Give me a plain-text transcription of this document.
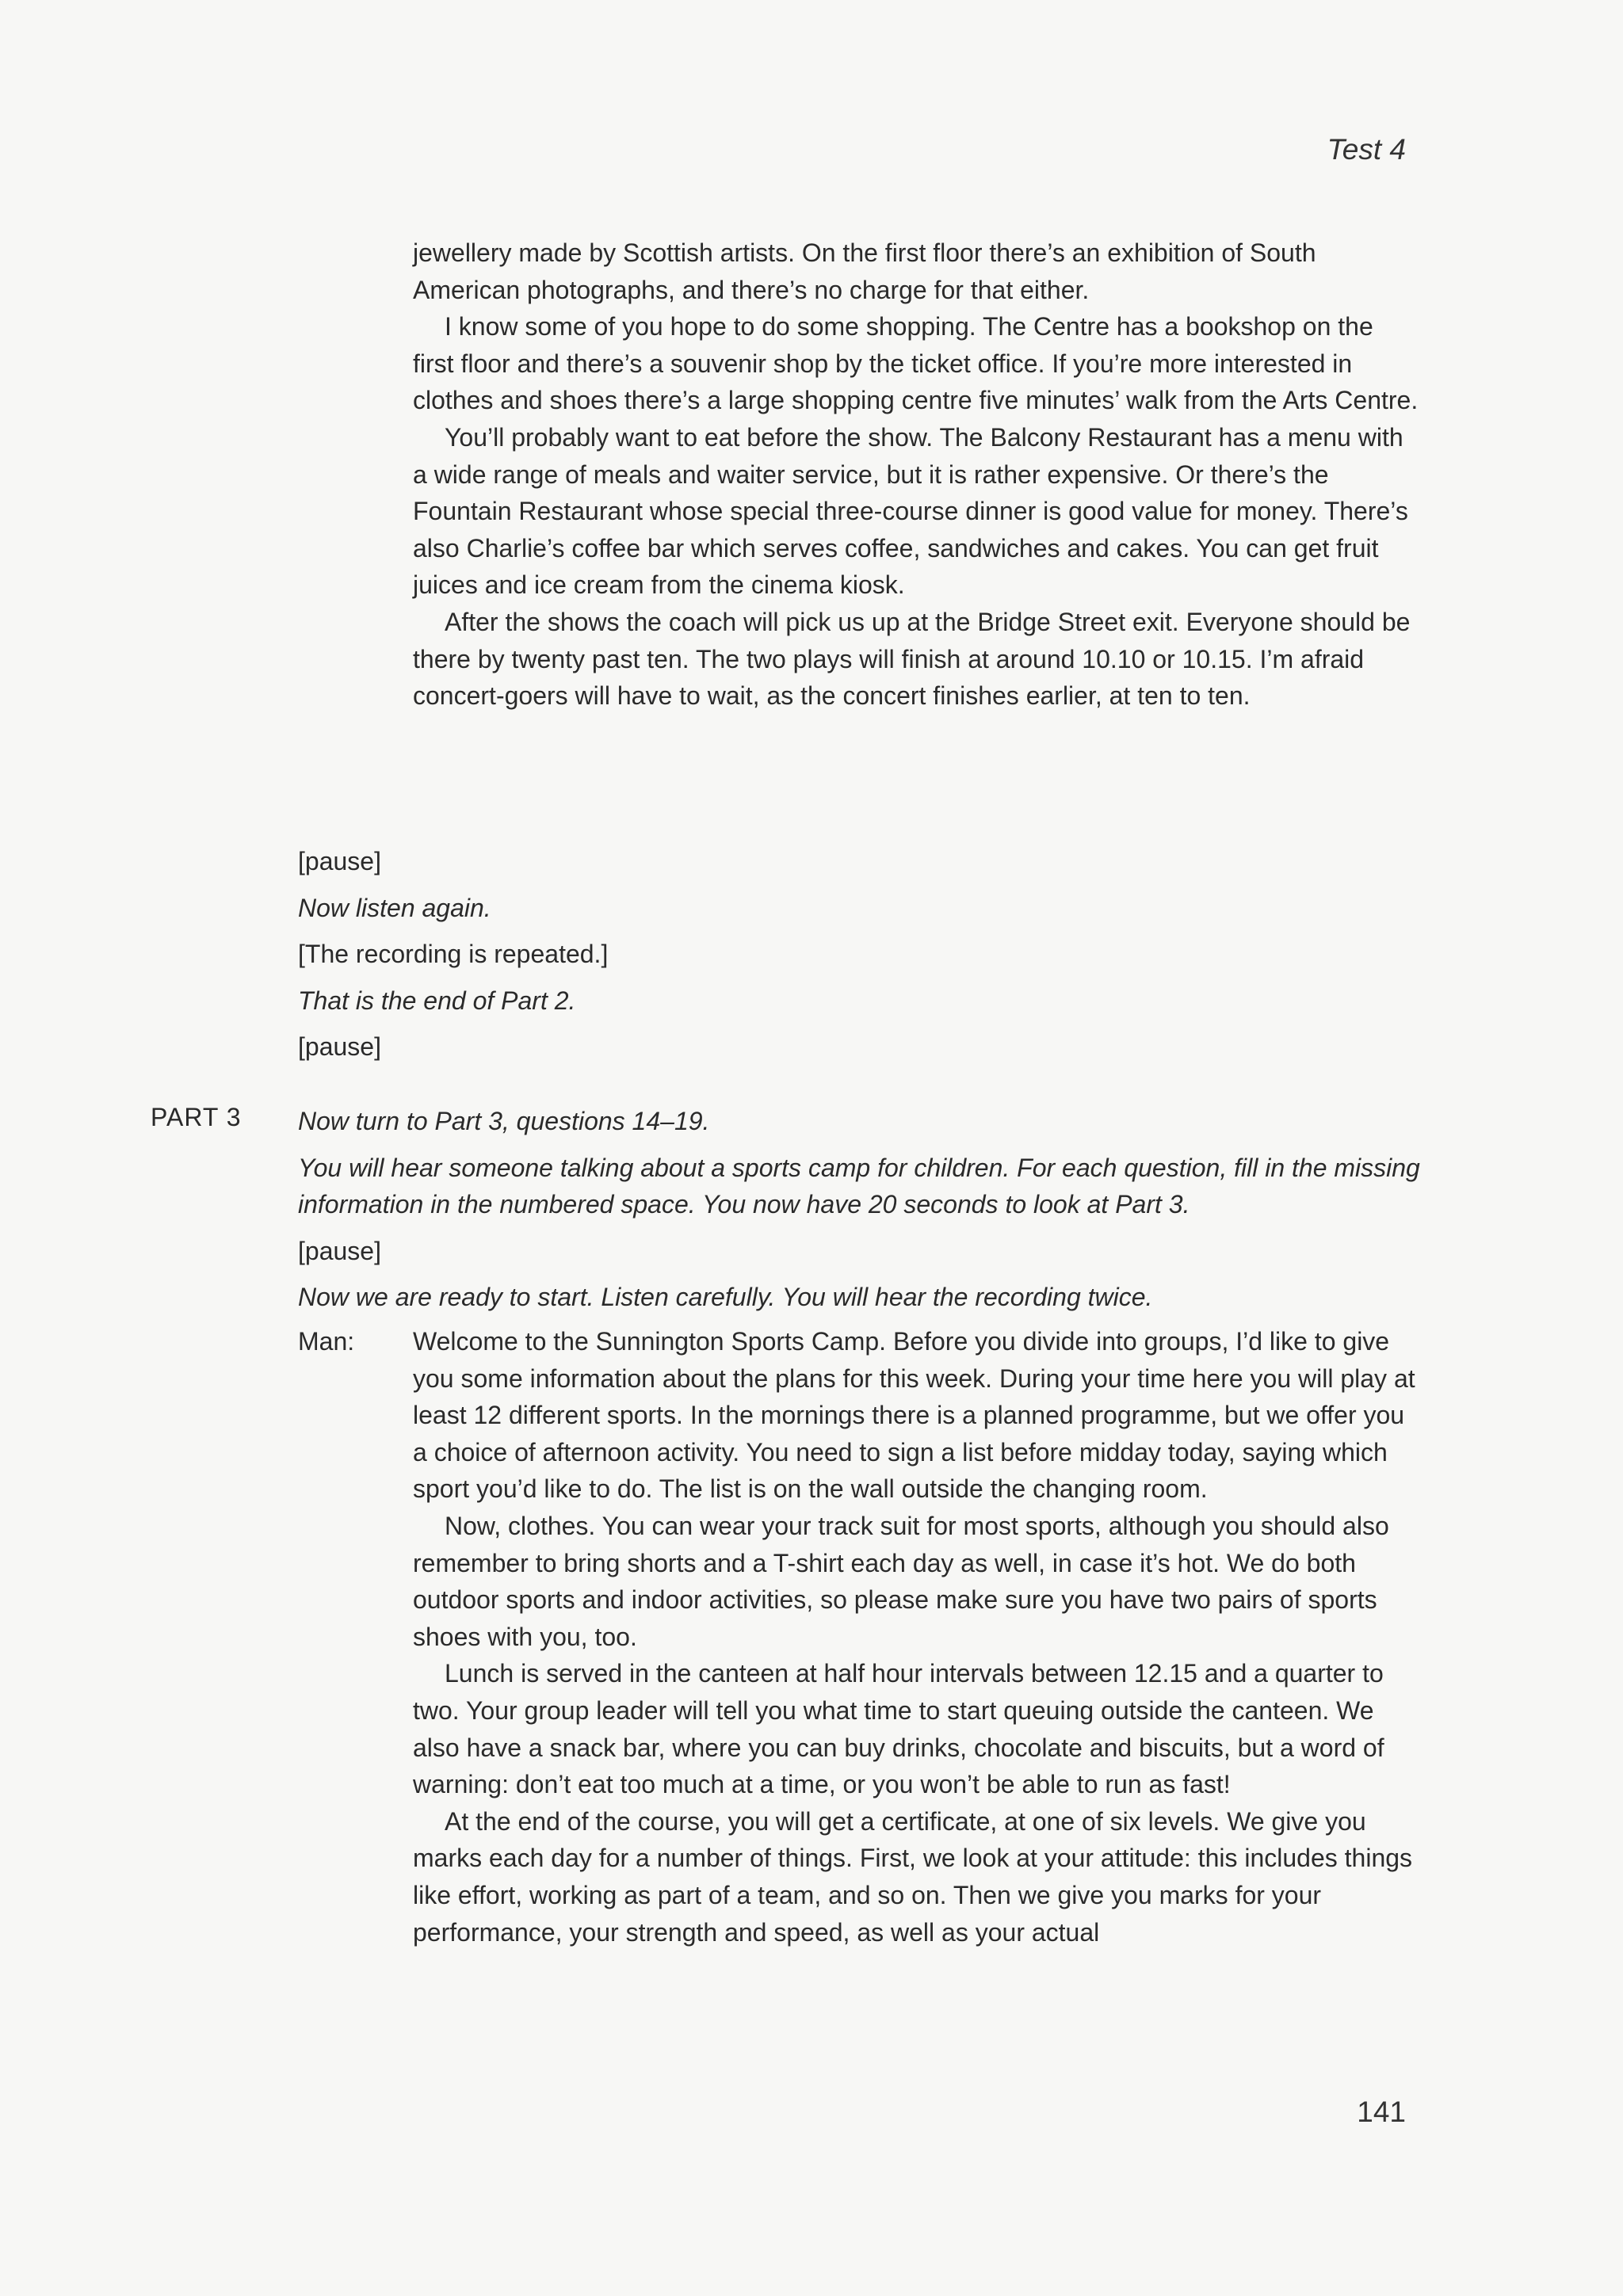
Test 4

jewellery made by Scottish artists. On the first floor there’s an exhibition of South American photographs, and there’s no charge for that either.

I know some of you hope to do some shopping. The Centre has a bookshop on the first floor and there’s a souvenir shop by the ticket office. If you’re more interested in clothes and shoes there’s a large shopping centre five minutes’ walk from the Arts Centre.

You’ll probably want to eat before the show. The Balcony Restaurant has a menu with a wide range of meals and waiter service, but it is rather expensive. Or there’s the Fountain Restaurant whose special three-course dinner is good value for money. There’s also Charlie’s coffee bar which serves coffee, sandwiches and cakes. You can get fruit juices and ice cream from the cinema kiosk.

After the shows the coach will pick us up at the Bridge Street exit. Everyone should be there by twenty past ten. The two plays will finish at around 10.10 or 10.15. I’m afraid concert-goers will have to wait, as the concert finishes earlier, at ten to ten.

[pause]

Now listen again.

[The recording is repeated.]

That is the end of Part 2.

[pause]

PART 3 Now turn to Part 3, questions 14–19.

You will hear someone talking about a sports camp for children. For each question, fill in the missing information in the numbered space. You now have 20 seconds to look at Part 3.

[pause]

Now we are ready to start. Listen carefully. You will hear the recording twice.

Man: Welcome to the Sunnington Sports Camp. Before you divide into groups, I’d like to give you some information about the plans for this week. During your time here you will play at least 12 different sports. In the mornings there is a planned programme, but we offer you a choice of afternoon activity. You need to sign a list before midday today, saying which sport you’d like to do. The list is on the wall outside the changing room.

Now, clothes. You can wear your track suit for most sports, although you should also remember to bring shorts and a T-shirt each day as well, in case it’s hot. We do both outdoor sports and indoor activities, so please make sure you have two pairs of sports shoes with you, too.

Lunch is served in the canteen at half hour intervals between 12.15 and a quarter to two. Your group leader will tell you what time to start queuing outside the canteen. We also have a snack bar, where you can buy drinks, chocolate and biscuits, but a word of warning: don’t eat too much at a time, or you won’t be able to run as fast!

At the end of the course, you will get a certificate, at one of six levels. We give you marks each day for a number of things. First, we look at your attitude: this includes things like effort, working as part of a team, and so on. Then we give you marks for your performance, your strength and speed, as well as your actual

141
